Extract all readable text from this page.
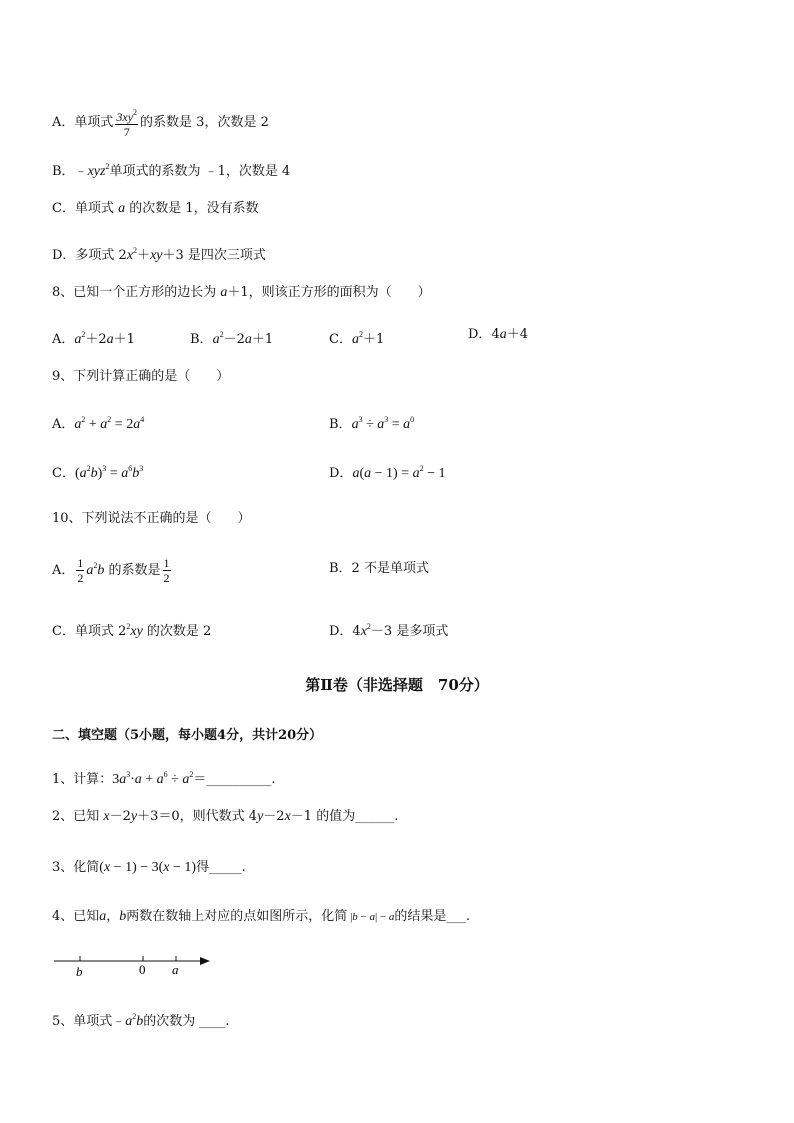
A．单项式 $\frac{3xy^2}{7}$ 的系数是 3，次数是 2
B．﹣xyz$^2$单项式的系数为 ﹣1，次数是 4
C．单项式 a 的次数是 1，没有系数
D．多项式 $2x^2+xy+3$ 是四次三项式
8、已知一个正方形的边长为 a＋1，则该正方形的面积为（　　）
A．$a^2+2a+1$	B．$a^2-2a+1$	C．$a^2+1$	D．4a＋4
9、下列计算正确的是（　　）
A．$a^2 + a^2 = 2a^4$	B．$a^3 \div a^3 = a^0$
C．$(a^2b)^3 = a^6b^3$	D．$a(a - 1) = a^2 - 1$
10、下列说法不正确的是（　　）
A． $\frac{1}{2} a^2b$ 的系数是 $\frac{1}{2}$	B．2 不是单项式
C．单项式 $2^2xy$ 的次数是 2	D．$4x^2-3$ 是多项式
第Ⅱ卷（非选择题　70分）
二、填空题（5小题，每小题4分，共计20分）
1、计算：$3a^3\cdot a + a^6$ ÷ $a^2=\_\_\_\_\_\_\_\_\_\_$.
2、已知 x－2y＋3＝0，则代数式 4y－2x－1 的值为______.
3、化简(x − 1) − 3(x − 1)得_____.
4、已知a，b两数在数轴上对应的点如图所示，化简 |b − a| − a的结果是___.
b	0 a
5、单项式$﹣a^2b$的次数为 ____.
